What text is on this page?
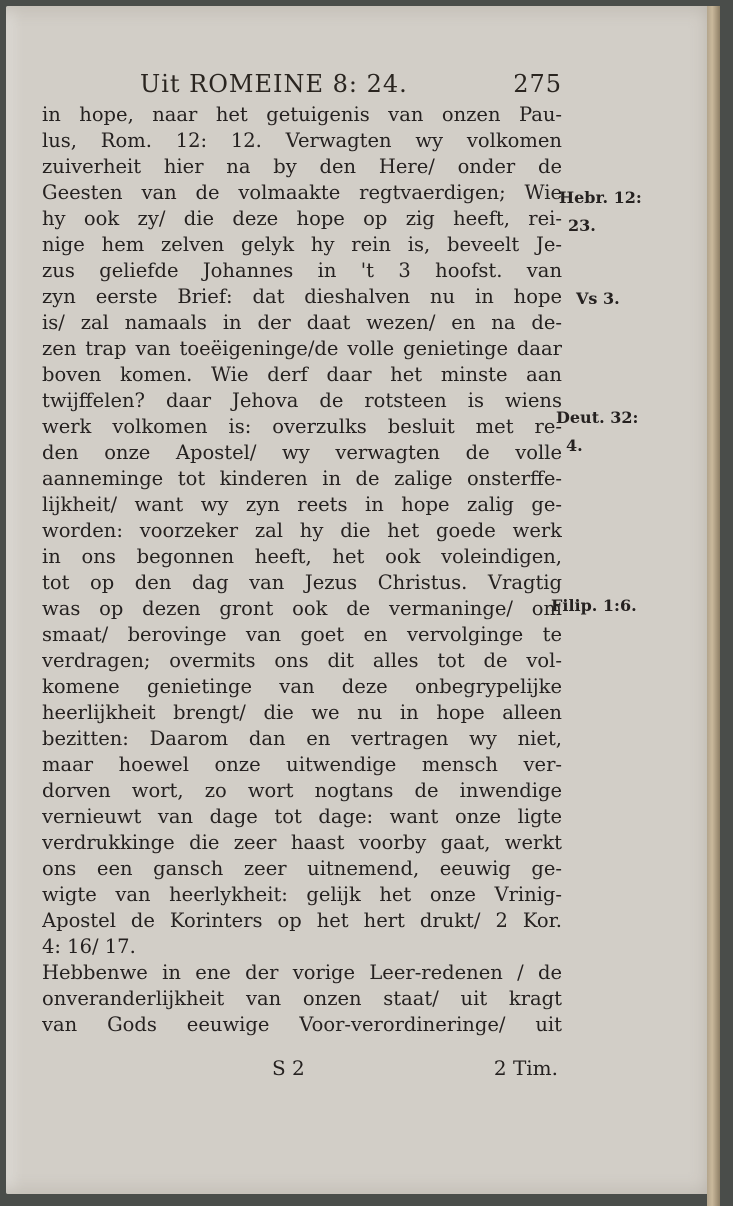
Uit ROMEINE 8: 24.	275
in hope, naar het getuigenis van onzen Pau-
lus, Rom. 12: 12. Verwagten wy volkomen
zuiverheit hier na by den Here/ onder de
Geesten van de volmaakte regtvaerdigen; Wie
hy ook zy/ die deze hope op zig heeft, rei-
nige hem zelven gelyk hy rein is, beveelt Je-
zus geliefde Johannes in 't 3 hoofst. van
zyn eerste Brief: dat dieshalven nu in hope
is/ zal namaals in der daat wezen/ en na de-
zen trap van toeëigeninge/de volle genietinge daar
boven komen. Wie derf daar het minste aan
twijffelen? daar Jehova de rotsteen is wiens
werk volkomen is: overzulks besluit met re-
den onze Apostel/ wy verwagten de volle
aanneminge tot kinderen in de zalige onsterffe-
lijkheit/ want wy zyn reets in hope zalig ge-
worden: voorzeker zal hy die het goede werk
in ons begonnen heeft, het ook voleindigen,
tot op den dag van Jezus Christus. Vragtig
was op dezen gront ook de vermaninge/ om
smaat/ berovinge van goet en vervolginge te
verdragen; overmits ons dit alles tot de vol-
komene genietinge van deze onbegrypelijke
heerlijkheit brengt/ die we nu in hope alleen
bezitten: Daarom dan en vertragen wy niet,
maar hoewel onze uitwendige mensch ver-
dorven wort, zo wort nogtans de inwendige
vernieuwt van dage tot dage: want onze ligte
verdrukkinge die zeer haast voorby gaat, werkt
ons een gansch zeer uitnemend, eeuwig ge-
wigte van heerlykheit: gelijk het onze Vrinig-
Apostel de Korinters op het hert drukt/ 2 Kor.
4: 16/ 17.
Hebbenwe in ene der vorige Leer-redenen / de
onveranderlijkheit van onzen staat/ uit kragt
van Gods eeuwige Voor-verordineringe/ uit
Hebr. 12:
23.
Vs 3.
Deut. 32:
4.
Filip. 1:6.
S 2	2 Tim.
